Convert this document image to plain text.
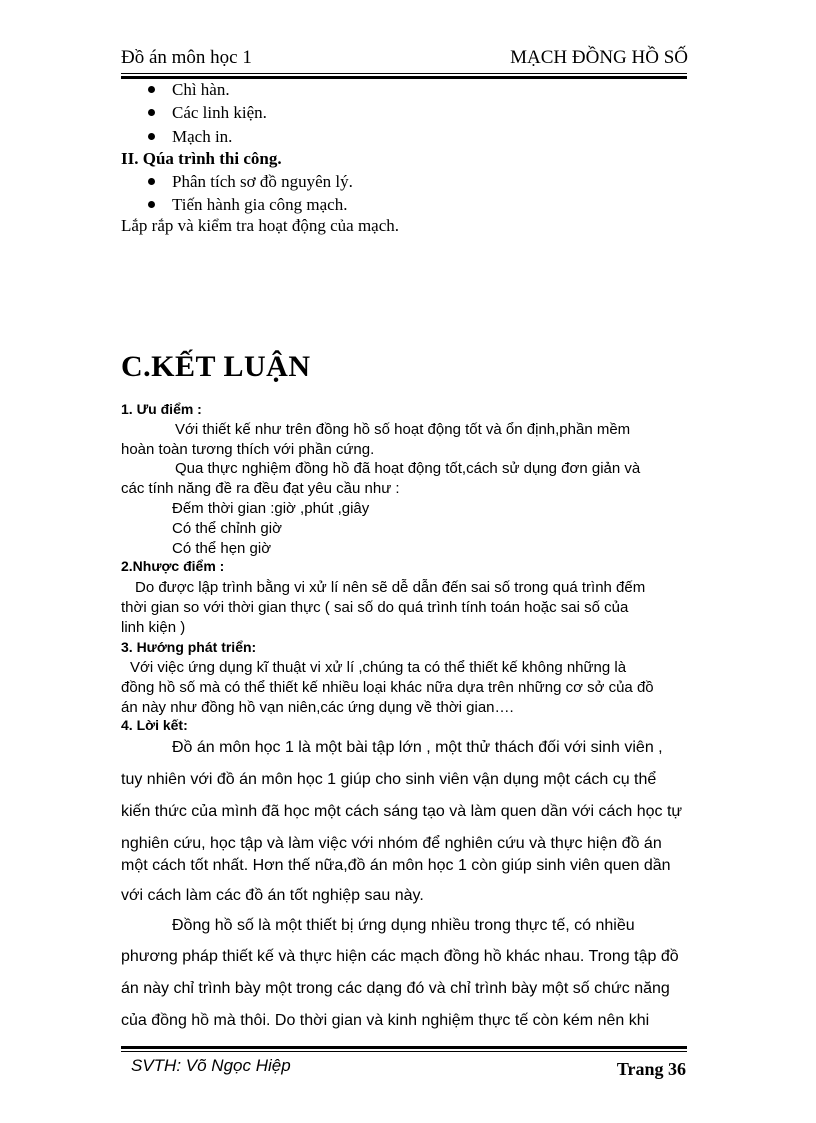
Đồ án môn học 1	MẠCH ĐỒNG HỒ SỐ
Chì hàn.
Các linh kiện.
Mạch in.
II. Qúa trình thi công.
Phân tích sơ đồ nguyên lý.
Tiến hành gia công mạch.
Lắp rắp và kiểm tra hoạt động của mạch.
C.KẾT LUẬN
1. Ưu điểm :
Với thiết kế như trên đồng hồ số hoạt động tốt và ổn định,phần mềm
hoàn toàn tương thích với phần cứng.
Qua thực nghiệm đồng hồ đã hoạt động tốt,cách sử dụng đơn giản và
các tính năng đề ra đều đạt yêu cầu như :
Đếm thời gian :giờ ,phút ,giây
Có thể chỉnh giờ
Có thể hẹn giờ
2.Nhược điểm :
Do được lập trình bằng vi xử lí nên sẽ dễ dẫn đến sai số trong quá trình đếm
thời gian so với thời gian thực ( sai số do quá trình tính toán hoặc sai số của
linh kiện )
3. Hướng phát triển:
Với việc ứng dụng kĩ thuật vi xử lí ,chúng ta có thể thiết kế không những là
đồng hồ số mà có thể thiết kế nhiều loại khác nữa dựa trên những cơ sở của đồ
án này như đồng hồ vạn niên,các ứng dụng về thời gian….
4. Lời kết:
Đồ án môn học 1 là một bài tập lớn , một thử thách đối với sinh viên ,
tuy nhiên với đồ án môn học 1 giúp cho sinh viên vận dụng một cách cụ thể
kiến thức của mình đã học một cách sáng tạo và làm quen dần với cách học tự
nghiên cứu, học tập và làm việc với nhóm để nghiên cứu và thực hiện đồ án
một cách tốt nhất. Hơn thế nữa,đồ án môn học 1 còn giúp sinh viên quen dần
với cách làm các đồ án tốt nghiệp sau này.
Đồng hồ số là một thiết bị ứng dụng nhiều trong thực tế, có nhiều
phương pháp thiết kế và thực hiện các mạch đồng hồ khác nhau. Trong tập đồ
án này chỉ trình bày một trong các dạng đó và chỉ trình bày một số chức năng
của đồng hồ mà thôi. Do thời gian và kinh nghiệm thực tế còn kém nên khi
SVTH: Võ Ngọc Hiệp	Trang 36
